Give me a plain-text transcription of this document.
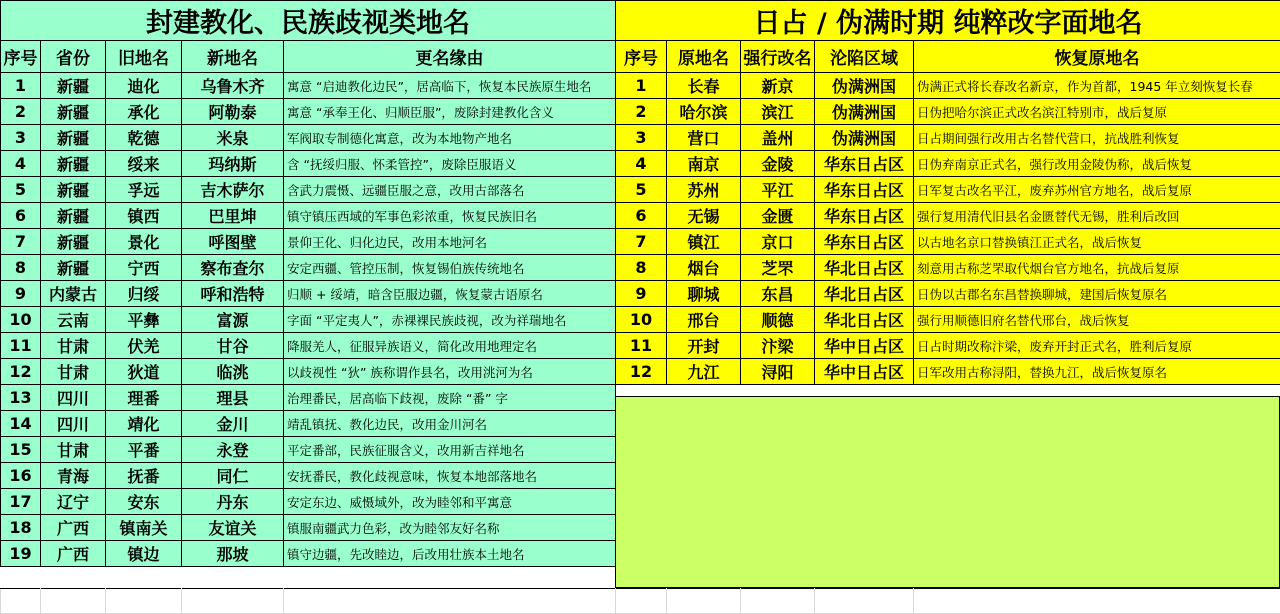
封建教化、民族歧视类地名				
序号	省份	旧地名	新地名	更名缘由
1	新疆	迪化	乌鲁木齐	寓意 “启迪教化边民”，居高临下，恢复本民族原生地名
2	新疆	承化	阿勒泰	寓意 “承奉王化、归顺臣服”，废除封建教化含义
3	新疆	乾德	米泉	军阀取专制德化寓意，改为本地物产地名
4	新疆	绥来	玛纳斯	含 “抚绥归服、怀柔管控”，废除臣服语义
5	新疆	孚远	吉木萨尔	含武力震慑、远疆臣服之意，改用古部落名
6	新疆	镇西	巴里坤	镇守镇压西域的军事色彩浓重，恢复民族旧名
7	新疆	景化	呼图壁	景仰王化、归化边民，改用本地河名
8	新疆	宁西	察布查尔	安定西疆、管控压制，恢复锡伯族传统地名
9	内蒙古	归绥	呼和浩特	归顺 + 绥靖，暗含臣服边疆，恢复蒙古语原名
10	云南	平彝	富源	字面 “平定夷人”，赤裸裸民族歧视，改为祥瑞地名
11	甘肃	伏羌	甘谷	降服羌人，征服异族语义，简化改用地理定名
12	甘肃	狄道	临洮	以歧视性 “狄” 族称谓作县名，改用洮河为名
13	四川	理番	理县	治理番民，居高临下歧视，废除 “番” 字
14	四川	靖化	金川	靖乱镇抚、教化边民，改用金川河名
15	甘肃	平番	永登	平定番部，民族征服含义，改用新吉祥地名
16	青海	抚番	同仁	安抚番民，教化歧视意味，恢复本地部落地名
17	辽宁	安东	丹东	安定东边、威慑域外，改为睦邻和平寓意
18	广西	镇南关	友谊关	镇服南疆武力色彩，改为睦邻友好名称
19	广西	镇边	那坡	镇守边疆，先改睦边，后改用壮族本土地名
日占 / 伪满时期 纯粹改字面地名				
序号	原地名	强行改名	沦陷区域	恢复原地名
1	长春	新京	伪满洲国	伪满正式将长春改名新京，作为首都，1945 年立刻恢复长春
2	哈尔滨	滨江	伪满洲国	日伪把哈尔滨正式改名滨江特别市，战后复原
3	营口	盖州	伪满洲国	日占期间强行改用古名替代营口，抗战胜利恢复
4	南京	金陵	华东日占区	日伪弃南京正式名，强行改用金陵伪称，战后恢复
5	苏州	平江	华东日占区	日军复古改名平江，废弃苏州官方地名，战后复原
6	无锡	金匮	华东日占区	强行复用清代旧县名金匮替代无锡，胜利后改回
7	镇江	京口	华东日占区	以古地名京口替换镇江正式名，战后恢复
8	烟台	芝罘	华北日占区	刻意用古称芝罘取代烟台官方地名，抗战后复原
9	聊城	东昌	华北日占区	日伪以古郡名东昌替换聊城，建国后恢复原名
10	邢台	顺德	华北日占区	强行用顺德旧府名替代邢台，战后恢复
11	开封	汴梁	华中日占区	日占时期改称汴梁，废弃开封正式名，胜利后复原
12	九江	浔阳	华中日占区	日军改用古称浔阳，替换九江，战后恢复原名
